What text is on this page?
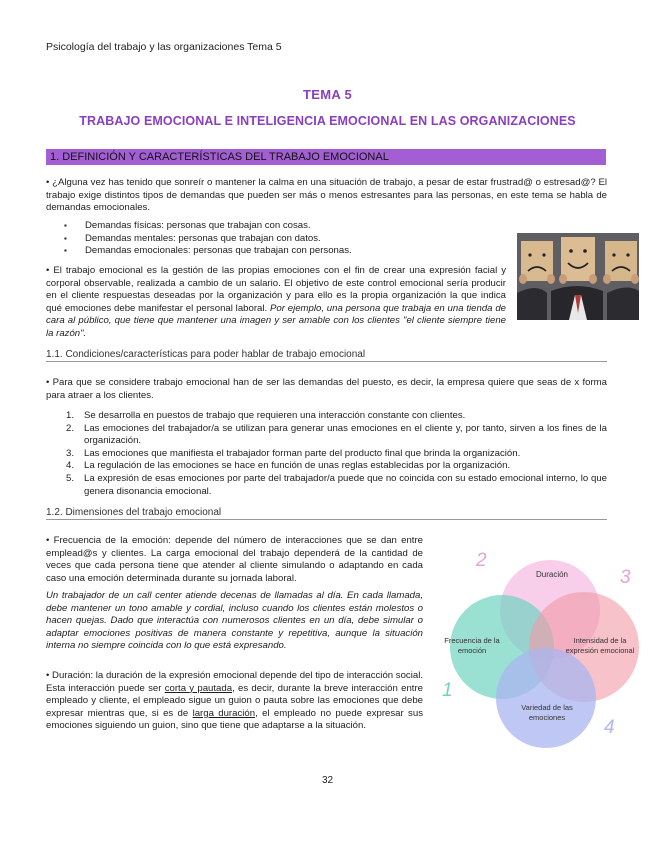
Psicología del trabajo y las organizaciones Tema 5
TEMA 5
TRABAJO EMOCIONAL E INTELIGENCIA EMOCIONAL EN LAS ORGANIZACIONES
1. DEFINICIÓN Y CARACTERÍSTICAS DEL TRABAJO EMOCIONAL
• ¿Alguna vez has tenido que sonreír o mantener la calma en una situación de trabajo, a pesar de estar frustrad@ o estresad@? El trabajo exige distintos tipos de demandas que pueden ser más o menos estresantes para las personas, en este tema se habla de demandas emocionales.
▪ Demandas físicas: personas que trabajan con cosas.
▪ Demandas mentales: personas que trabajan con datos.
▪ Demandas emocionales: personas que trabajan con personas.
• El trabajo emocional es la gestión de las propias emociones con el fin de crear una expresión facial y corporal observable, realizada a cambio de un salario. El objetivo de este control emocional sería producir en el cliente respuestas deseadas por la organización y para ello es la propia organización la que indica qué emociones debe manifestar el personal laboral. Por ejemplo, una persona que trabaja en una tienda de cara al público, que tiene que mantener una imagen y ser amable con los clientes "el cliente siempre tiene la razón".
1.1. Condiciones/características para poder hablar de trabajo emocional
• Para que se considere trabajo emocional han de ser las demandas del puesto, es decir, la empresa quiere que seas de x forma para atraer a los clientes.
1. Se desarrolla en puestos de trabajo que requieren una interacción constante con clientes.
2. Las emociones del trabajador/a se utilizan para generar unas emociones en el cliente y, por tanto, sirven a los fines de la organización.
3. Las emociones que manifiesta el trabajador forman parte del producto final que brinda la organización.
4. La regulación de las emociones se hace en función de unas reglas establecidas por la organización.
5. La expresión de esas emociones por parte del trabajador/a puede que no coincida con su estado emocional interno, lo que genera disonancia emocional.
1.2. Dimensiones del trabajo emocional
• Frecuencia de la emoción: depende del número de interacciones que se dan entre emplead@s y clientes. La carga emocional del trabajo dependerá de la cantidad de veces que cada persona tiene que atender al cliente simulando o adaptando en cada caso una emoción determinada durante su jornada laboral.
Un trabajador de un call center atiende decenas de llamadas al día. En cada llamada, debe mantener un tono amable y cordial, incluso cuando los clientes están molestos o hacen quejas. Dado que interactúa con numerosos clientes en un día, debe simular o adaptar emociones positivas de manera constante y repetitiva, aunque la situación interna no siempre coincida con lo que está expresando.
• Duración: la duración de la expresión emocional depende del tipo de interacción social. Esta interacción puede ser corta y pautada, es decir, durante la breve interacción entre empleado y cliente, el empleado sigue un guion o pauta sobre las emociones que debe expresar mientras que, si es de larga duración, el empleado no puede expresar sus emociones siguiendo un guion, sino que tiene que adaptarse a la situación.
Duración
Frecuencia de la
emoción
Intensidad de la
expresión emocional
Variedad de las
emociones
2
3
1
4
32
